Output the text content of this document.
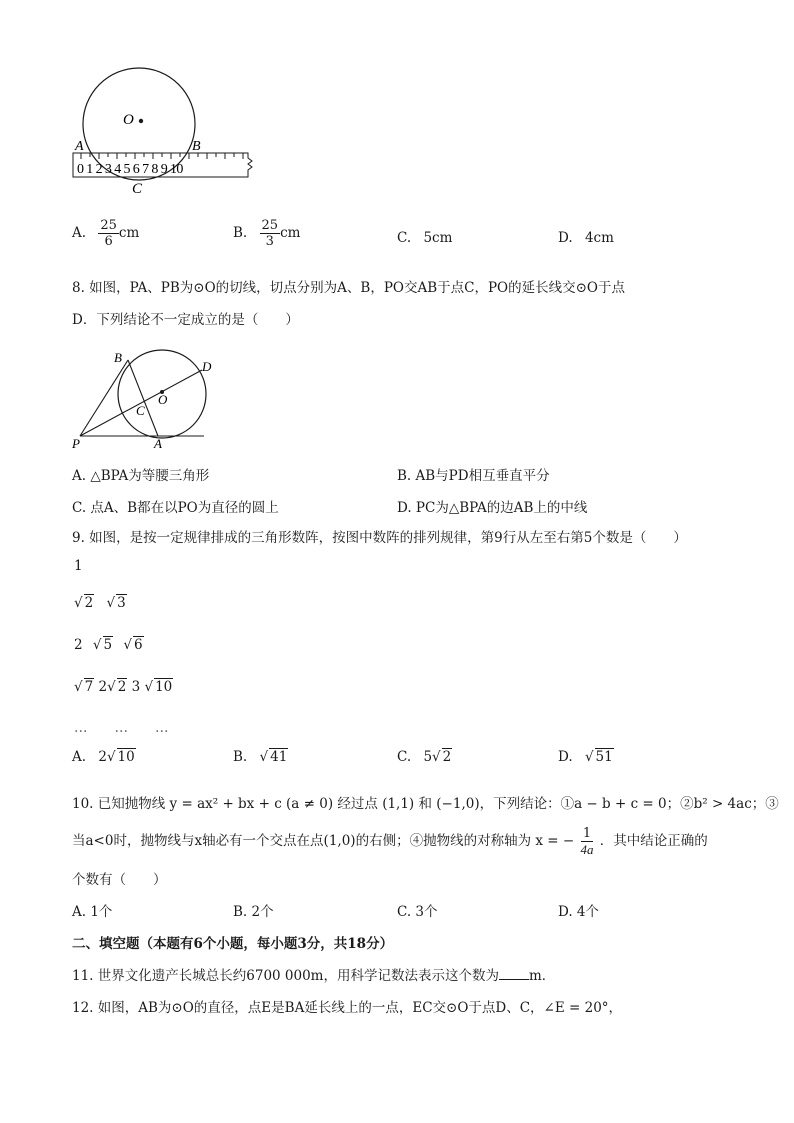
O
A	B
0 1 2 3 4 5 6 7 8 9 10
C
A. $\frac{25}{6}$ cm	B. $\frac{25}{3}$ cm	C. 5cm	D. 4cm
8. 如图，PA、PB为⊙O的切线，切点分别为A、B，PO交AB于点C，PO的延长线交⊙O于点
D．下列结论不一定成立的是（　　）
B
D
O
C
P	A
A. △BPA为等腰三角形	B. AB与PD相互垂直平分
C. 点A、B都在以PO为直径的圆上	D. PC为△BPA的边AB上的中线
9. 如图，是按一定规律排成的三角形数阵，按图中数阵的排列规律，第9行从左至右第5个数是（　　）
1
√ 2 √ 3
2 √ 5 √ 6
√ 7 2√ 2 3 √ 10
…　　…　　…
A. 2√ 10	B. √ 41	C. 5√ 2	D. √ 51
10. 已知抛物线 y = ax² + bx + c (a ≠ 0) 经过点 (1,1) 和 (−1,0)，下列结论：①a − b + c = 0；②b² > 4ac；③
当a<0时，抛物线与x轴必有一个交点在点(1,0)的右侧；④抛物线的对称轴为 x = − $\frac{1}{4a}$ ．其中结论正确的
个数有（　　）
A. 1个	B. 2个	C. 3个	D. 4个
二、填空题（本题有6个小题，每小题3分，共18分）
11. 世界文化遗产长城总长约6700 000m，用科学记数法表示这个数为 m．
12. 如图，AB为⊙O的直径，点E是BA延长线上的一点，EC交⊙O于点D、C，∠E = 20°，
